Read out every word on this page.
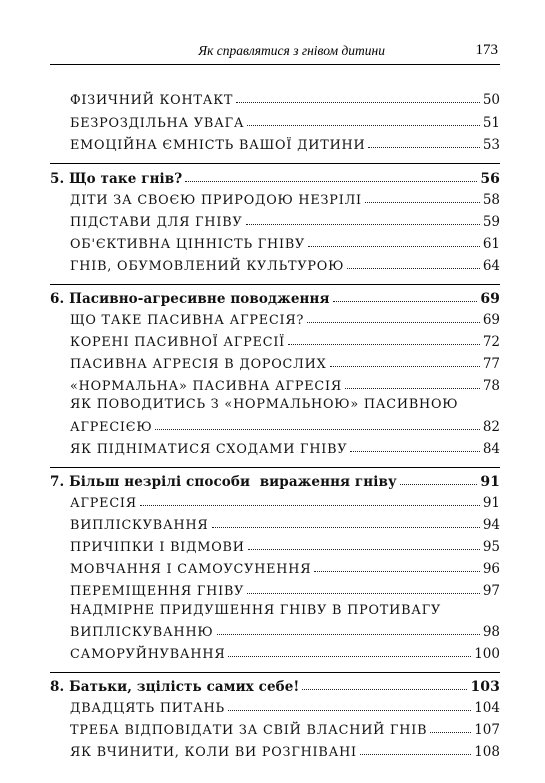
Як справлятися з гнівом дитини	173
ФІЗИЧНИЙ КОНТАКТ	50
БЕЗРОЗДІЛЬНА УВАГА	51
ЕМОЦІЙНА ЄМНІСТЬ ВАШОЇ ДИТИНИ	53
5. Що таке гнів?	56
ДІТИ ЗА СВОЄЮ ПРИРОДОЮ НЕЗРІЛІ	58
ПІДСТАВИ ДЛЯ ГНІВУ	59
ОБ'ЄКТИВНА ЦІННІСТЬ ГНІВУ	61
ГНІВ, ОБУМОВЛЕНИЙ КУЛЬТУРОЮ	64
6. Пасивно-агресивне поводження	69
ЩО ТАКЕ ПАСИВНА АГРЕСІЯ?	69
КОРЕНІ ПАСИВНОЇ АГРЕСІЇ	72
ПАСИВНА АГРЕСІЯ В ДОРОСЛИХ	77
«НОРМАЛЬНА» ПАСИВНА АГРЕСІЯ	78
ЯК ПОВОДИТИСЬ З «НОРМАЛЬНОЮ» ПАСИВНОЮ
АГРЕСІЄЮ	82
ЯК ПІДНІМАТИСЯ СХОДАМИ ГНІВУ	84
7. Більш незрілі способи  вираження гніву	91
АГРЕСІЯ	91
ВИПЛІСКУВАННЯ	94
ПРИЧІПКИ І ВІДМОВИ	95
МОВЧАННЯ І САМОУСУНЕННЯ	96
ПЕРЕМІЩЕННЯ ГНІВУ	97
НАДМІРНЕ ПРИДУШЕННЯ ГНІВУ В ПРОТИВАГУ
ВИПЛІСКУВАННЮ	98
САМОРУЙНУВАННЯ	100
8. Батьки, зцілість самих себе!	103
ДВАДЦЯТЬ ПИТАНЬ	104
ТРЕБА ВІДПОВІДАТИ ЗА СВІЙ ВЛАСНИЙ ГНІВ	107
ЯК ВЧИНИТИ, КОЛИ ВИ РОЗГНІВАНІ	108
